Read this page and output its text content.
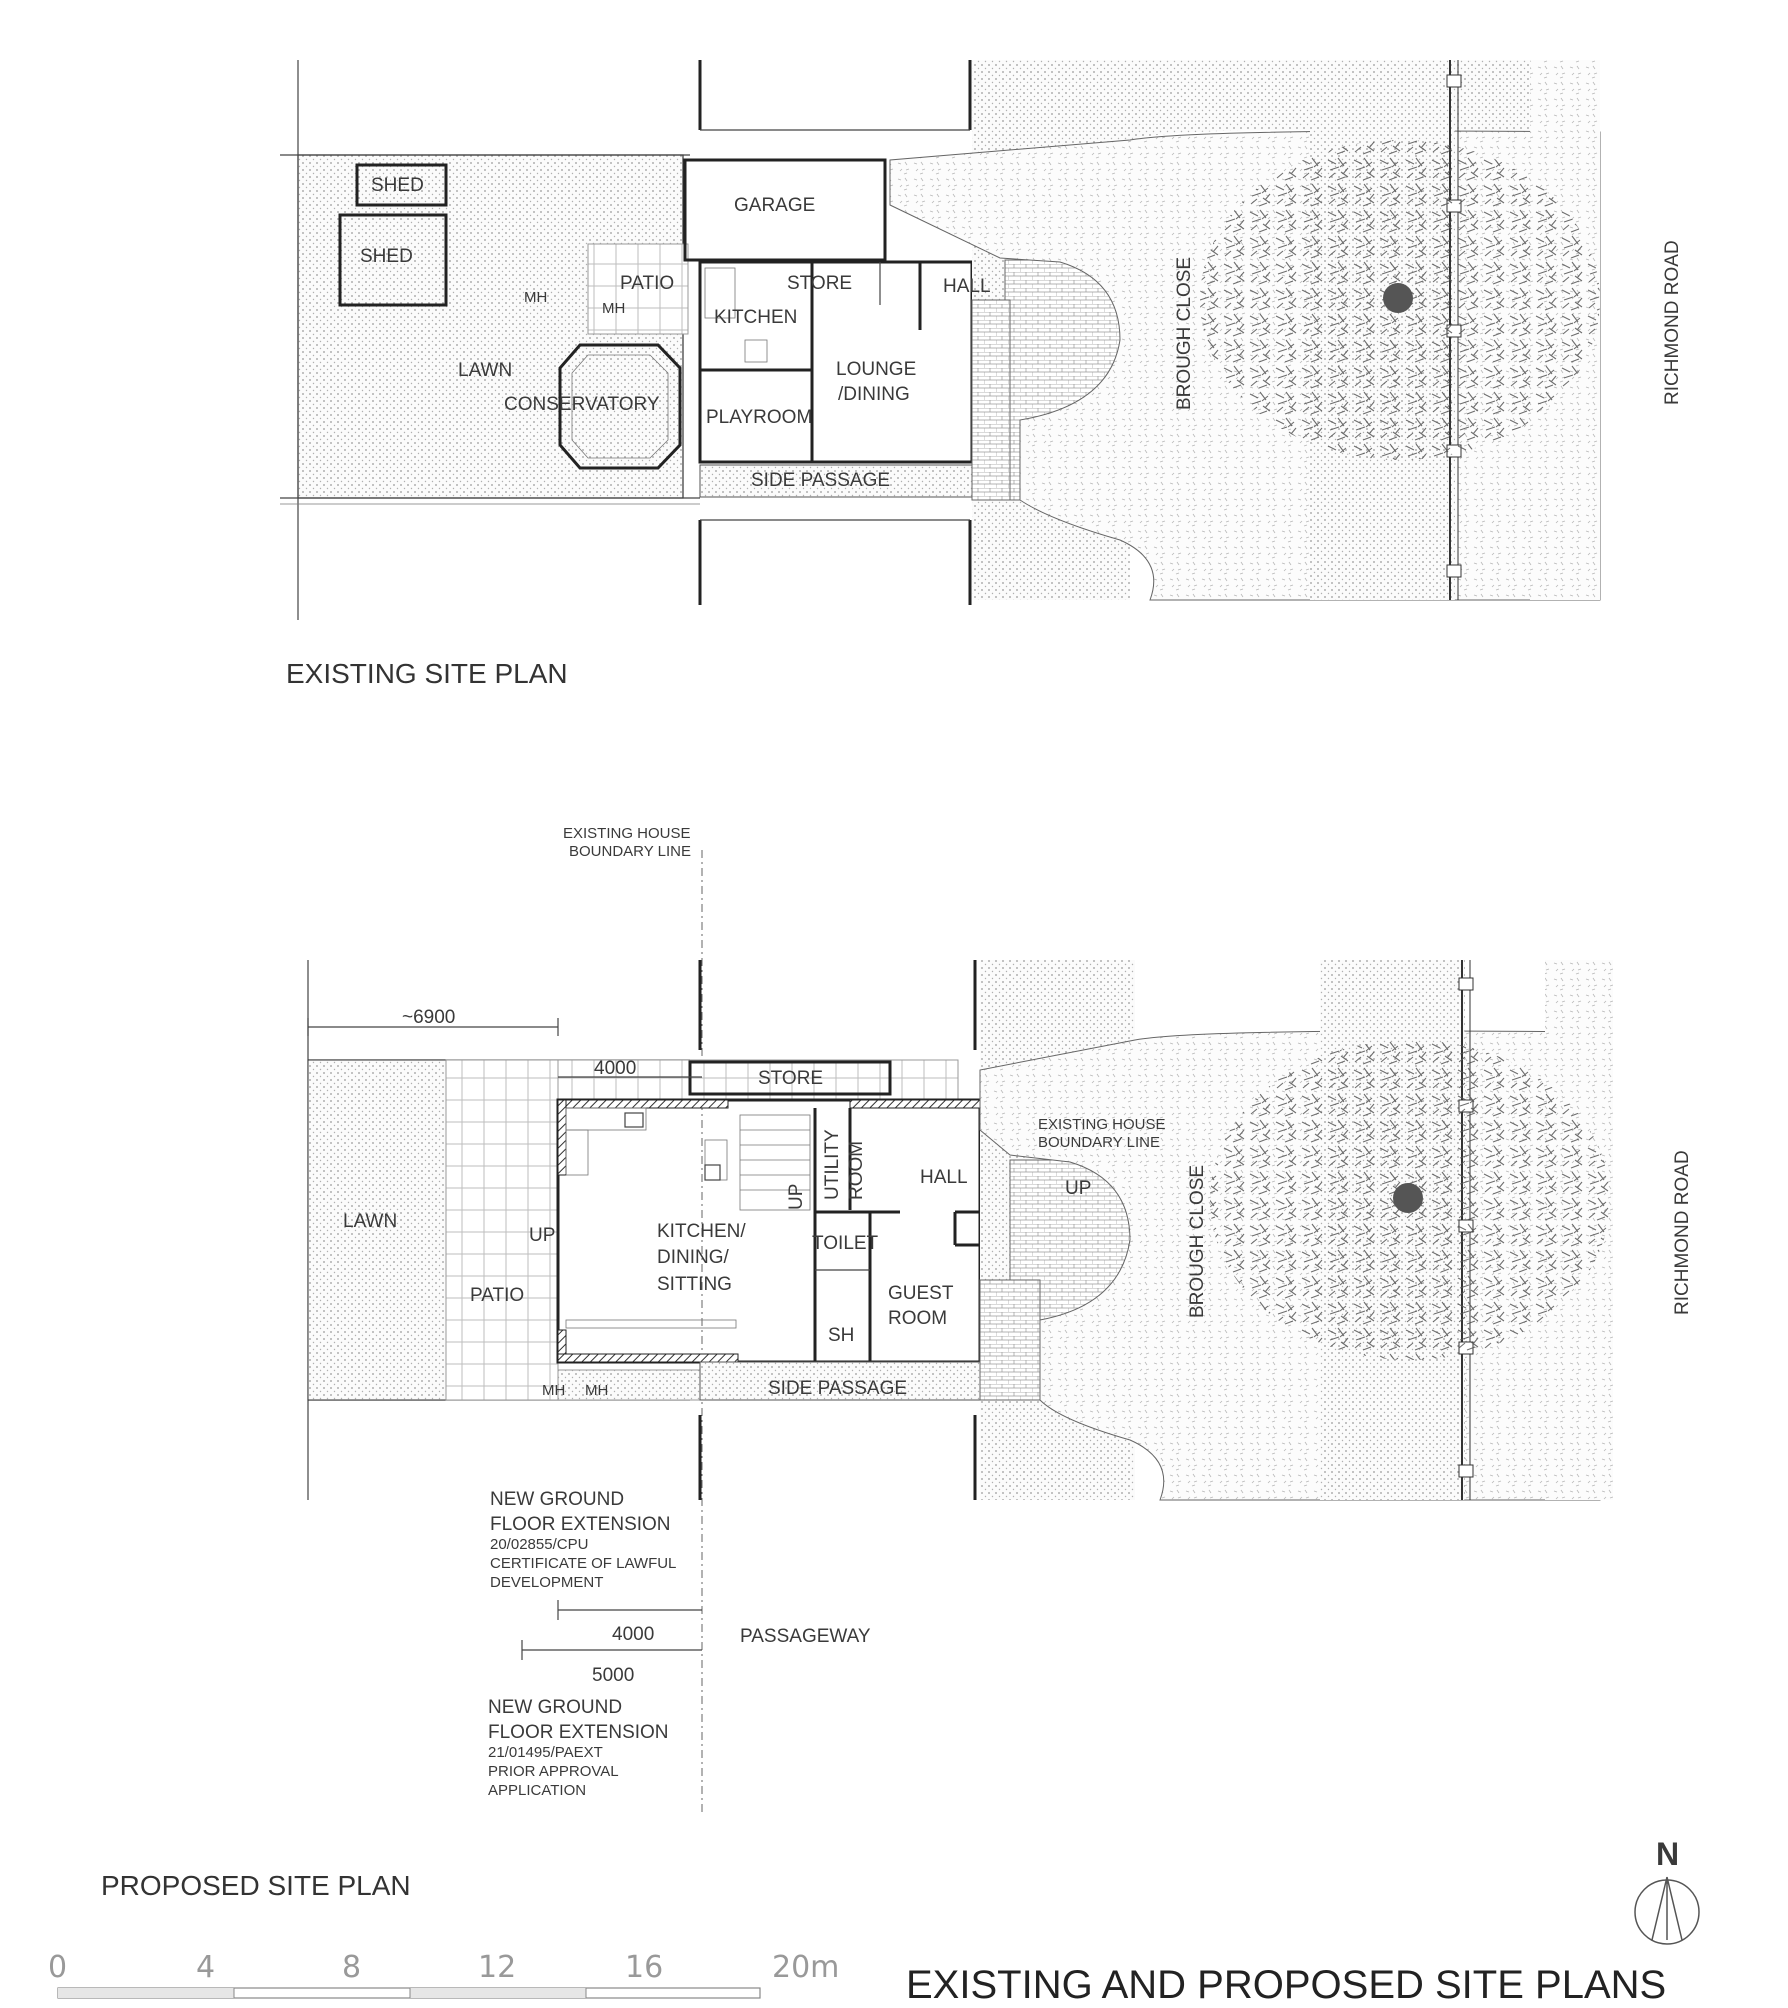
SHED
SHED
GARAGE
PATIO	STORE	HALL
KITCHEN
MH
MH
LAWN	LOUNGE
/DINING
CONSERVATORY
PLAYROOM
SIDE PASSAGE
BROUGH CLOSE	RICHMOND ROAD
EXISTING SITE PLAN
EXISTING HOUSE
BOUNDARY LINE
~6900
4000	STORE
EXISTING HOUSE
BOUNDARY LINE
UTILITY ROOM	HALL
UP
UP
LAWN
UP	KITCHEN/
DINING/
SITTING
TOILET
GUEST
ROOM
SH
PATIO
MH MH	SIDE PASSAGE
BROUGH CLOSE	RICHMOND ROAD
NEW GROUND
FLOOR EXTENSION
20/02855/CPU
CERTIFICATE OF LAWFUL
DEVELOPMENT
4000	PASSAGEWAY
5000
NEW GROUND
FLOOR EXTENSION
21/01495/PAEXT
PRIOR APPROVAL
APPLICATION
PROPOSED SITE PLAN
N
0	4	8	12	16	20m EXISTING AND PROPOSED SITE PLANS
